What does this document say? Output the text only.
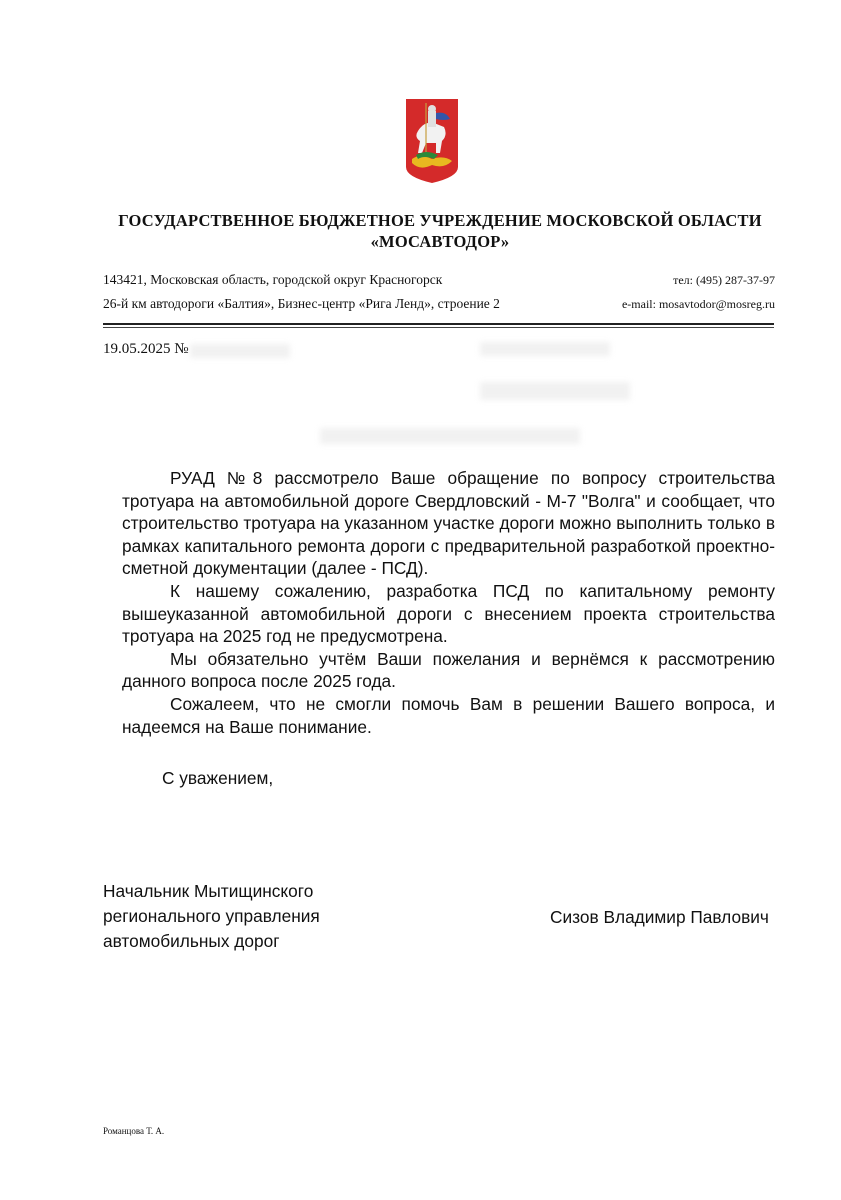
ГОСУДАРСТВЕННОЕ БЮДЖЕТНОЕ УЧРЕЖДЕНИЕ МОСКОВСКОЙ ОБЛАСТИ
«МОСАВТОДОР»
143421, Московская область, городской округ Красногорск
26-й км автодороги «Балтия», Бизнес-центр «Рига Ленд», строение 2
тел: (495) 287-37-97
e-mail: mosavtodor@mosreg.ru
19.05.2025 №

РУАД №8 рассмотрело Ваше обращение по вопросу строительства тротуара на автомобильной дороге Свердловский - М-7 "Волга" и сообщает, что строительство тротуара на указанном участке дороги можно выполнить только в рамках капитального ремонта дороги с предварительной разработкой проектно-сметной документации (далее - ПСД).

К нашему сожалению, разработка ПСД по капитальному ремонту вышеуказанной автомобильной дороги с внесением проекта строительства тротуара на 2025 год не предусмотрена.

Мы обязательно учтём Ваши пожелания и вернёмся к рассмотрению данного вопроса после 2025 года.

Сожалеем, что не смогли помочь Вам в решении Вашего вопроса, и надеемся на Ваше понимание.

С уважением,
Начальник Мытищинского
регионального управления
автомобильных дорог
Сизов Владимир Павлович
Романцова Т. А.
